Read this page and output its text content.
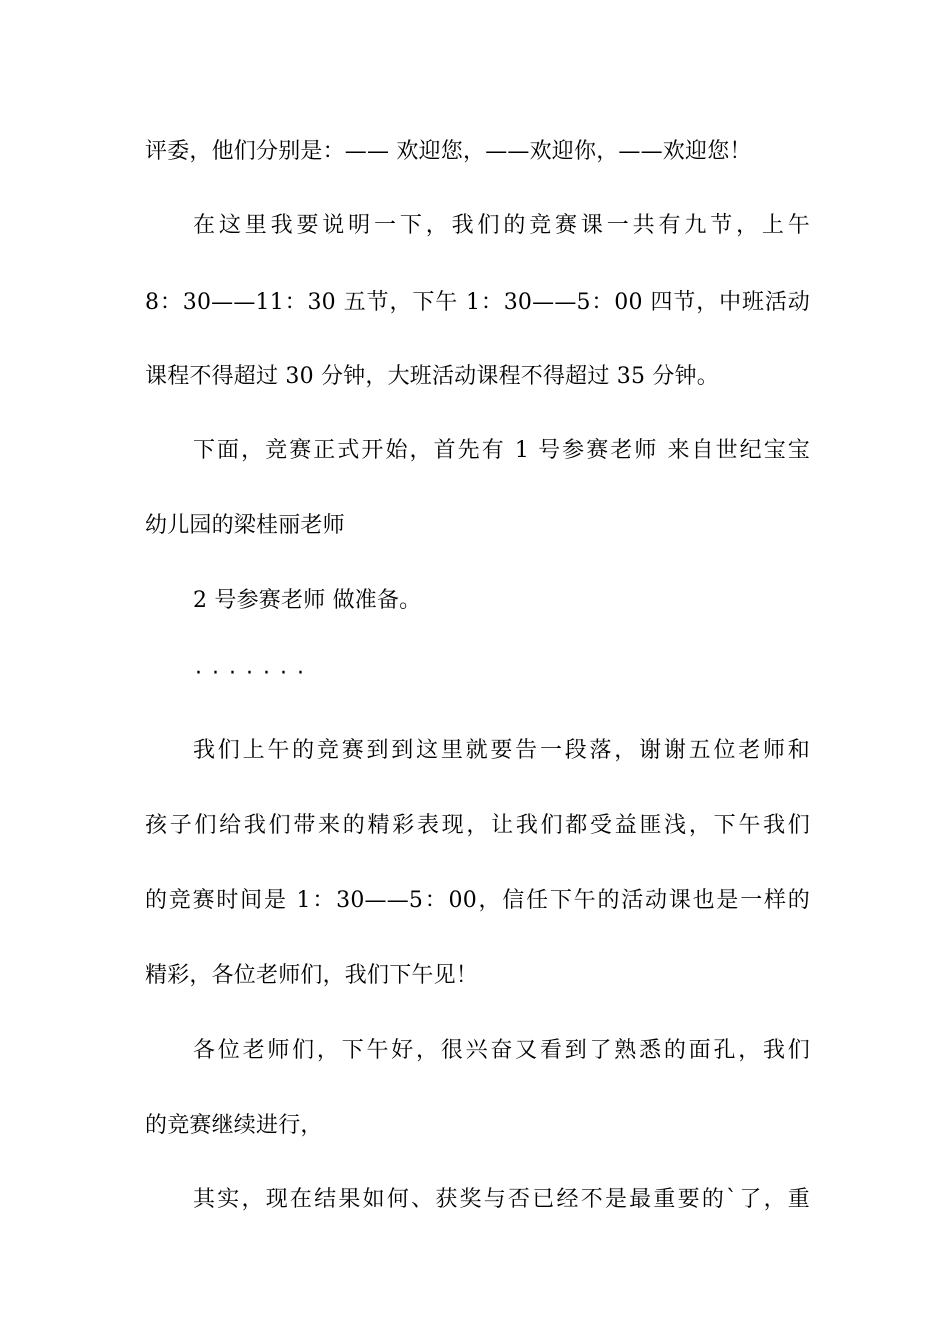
评委，他们分别是：—— 欢迎您，——欢迎你，——欢迎您！
在这里我要说明一下，我们的竞赛课一共有九节，上午
8：30——11：30 五节，下午 1：30——5：00 四节，中班活动
课程不得超过 30 分钟，大班活动课程不得超过 35 分钟。
下面，竞赛正式开始，首先有 1 号参赛老师 来自世纪宝宝
幼儿园的梁桂丽老师
2 号参赛老师 做准备。
·······
我们上午的竞赛到到这里就要告一段落，谢谢五位老师和
孩子们给我们带来的精彩表现，让我们都受益匪浅，下午我们
的竞赛时间是 1：30——5：00，信任下午的活动课也是一样的
精彩，各位老师们，我们下午见！
各位老师们，下午好，很兴奋又看到了熟悉的面孔，我们
的竞赛继续进行，
其实，现在结果如何、获奖与否已经不是最重要的`了，重
